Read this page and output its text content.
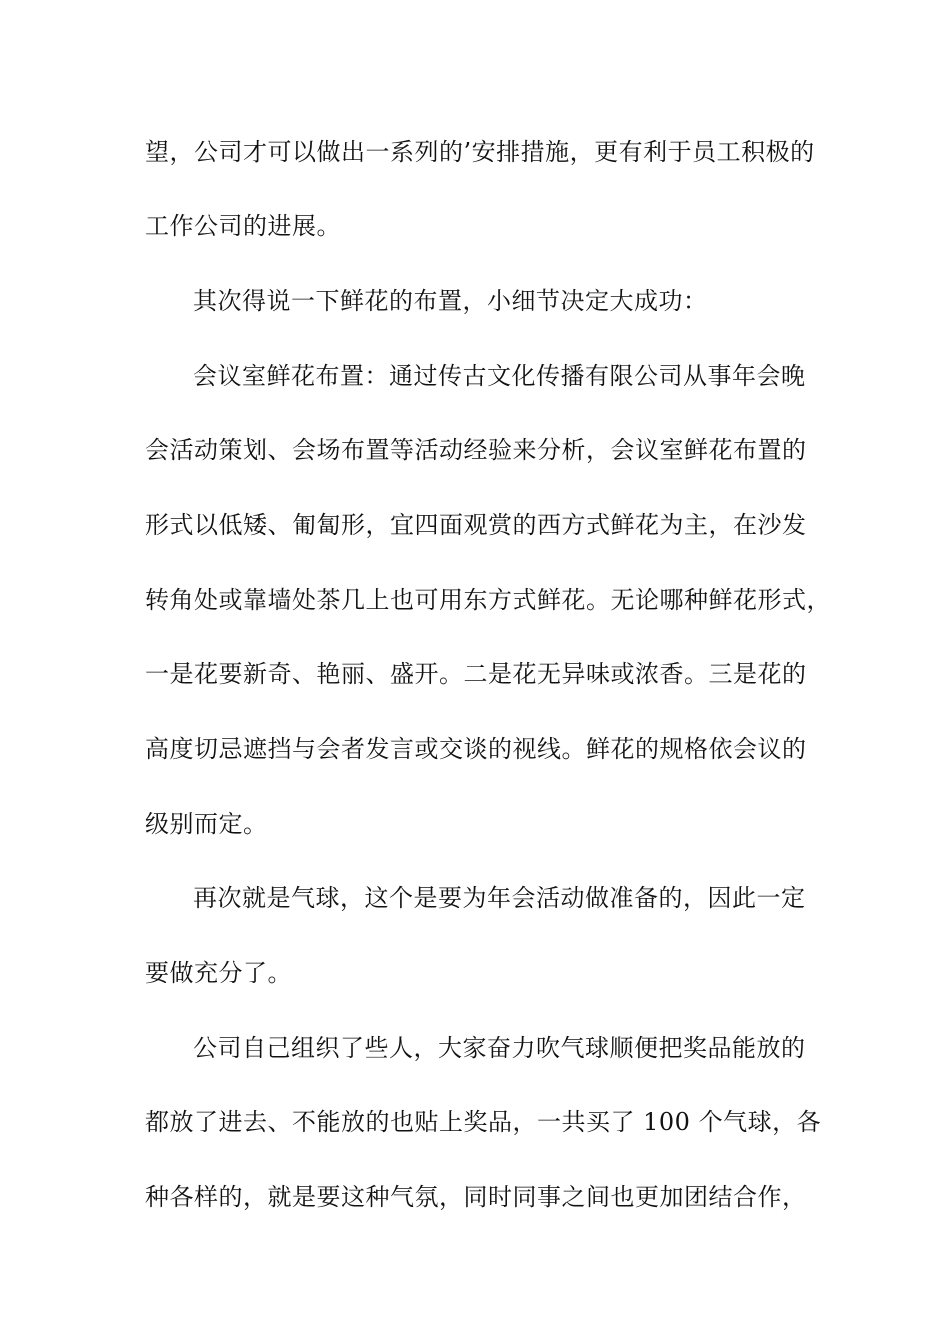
望，公司才可以做出一系列的’安排措施，更有利于员工积极的
工作公司的进展。
其次得说一下鲜花的布置，小细节决定大成功：
会议室鲜花布置：通过传古文化传播有限公司从事年会晚
会活动策划、会场布置等活动经验来分析，会议室鲜花布置的
形式以低矮、匍匐形，宜四面观赏的西方式鲜花为主，在沙发
转角处或靠墙处茶几上也可用东方式鲜花。无论哪种鲜花形式，
一是花要新奇、艳丽、盛开。二是花无异味或浓香。三是花的
高度切忌遮挡与会者发言或交谈的视线。鲜花的规格依会议的
级别而定。
再次就是气球，这个是要为年会活动做准备的，因此一定
要做充分了。
公司自己组织了些人，大家奋力吹气球顺便把奖品能放的
都放了进去、不能放的也贴上奖品，一共买了 100 个气球，各
种各样的，就是要这种气氛，同时同事之间也更加团结合作，
